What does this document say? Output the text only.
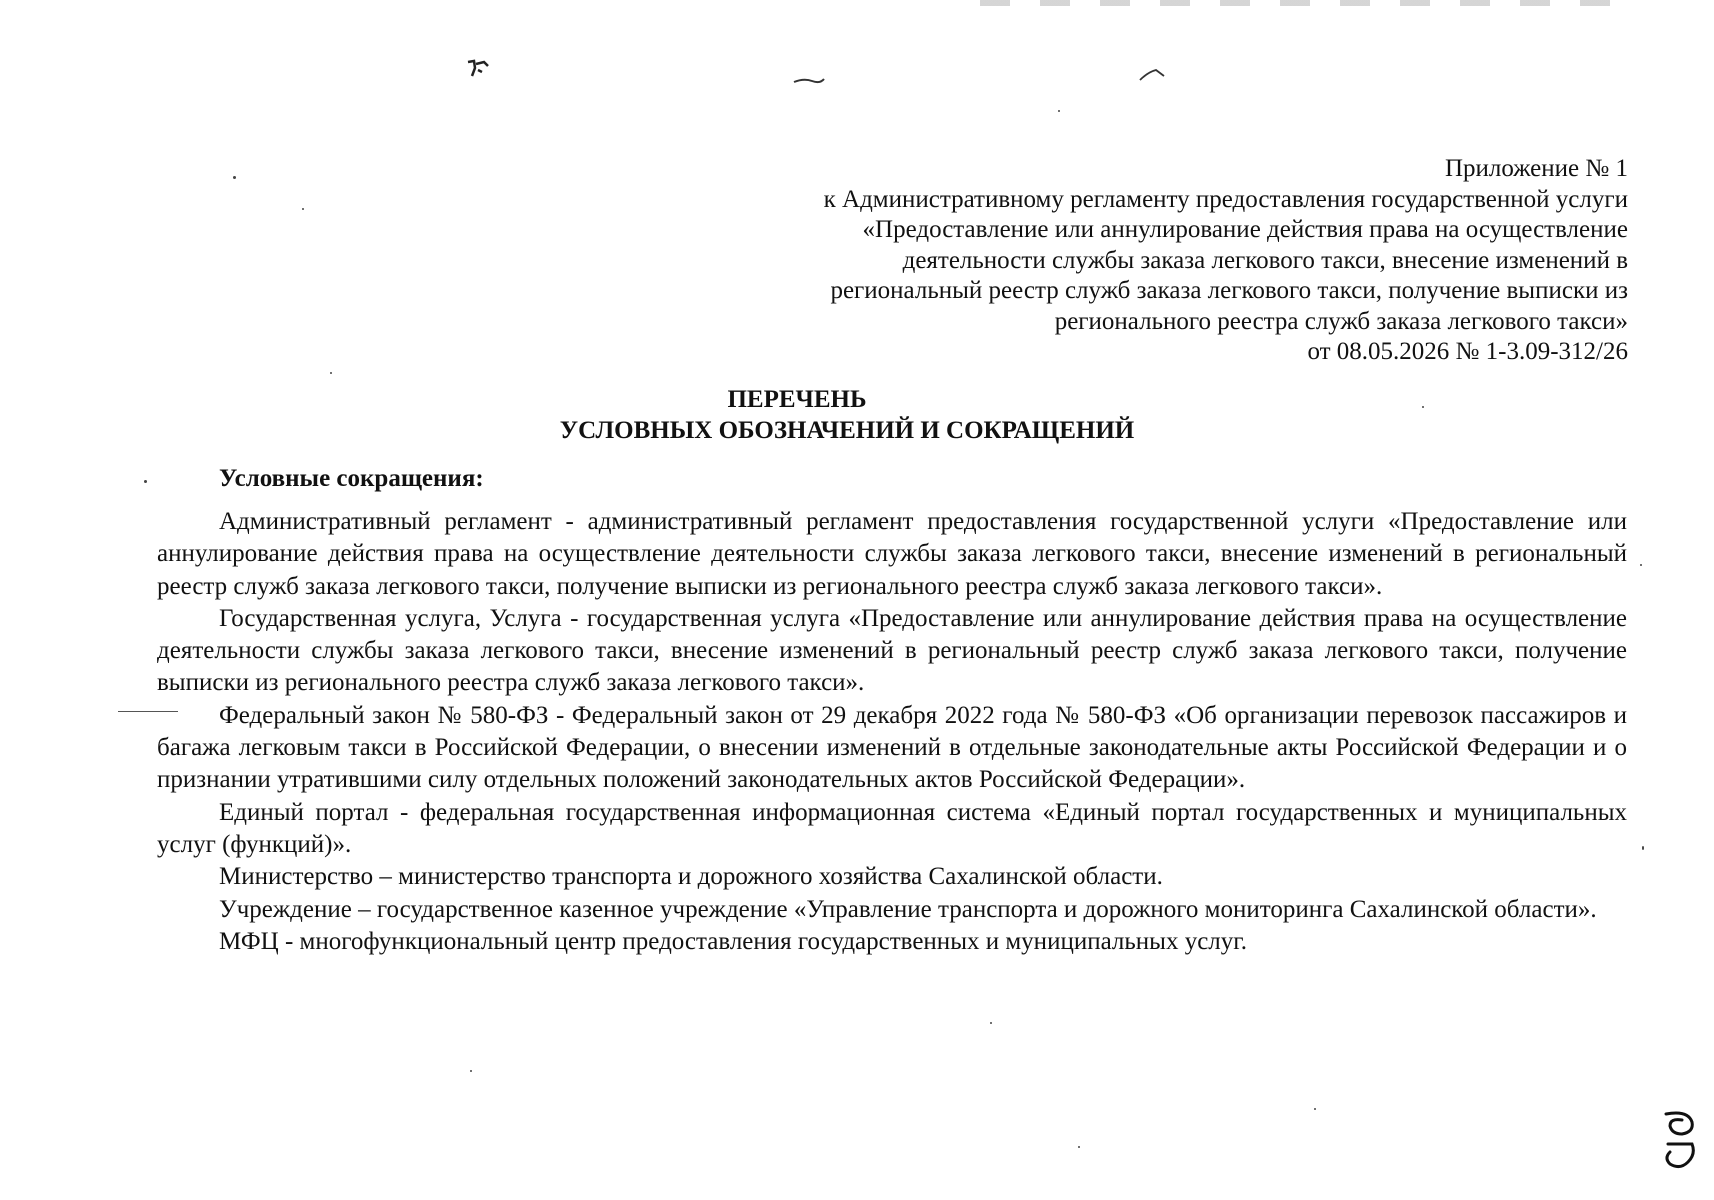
Приложение № 1
к Административному регламенту предоставления государственной услуги
«Предоставление или аннулирование действия права на осуществление
деятельности службы заказа легкового такси, внесение изменений в
региональный реестр служб заказа легкового такси, получение выписки из
регионального реестра служб заказа легкового такси»
от 08.05.2026 № 1-3.09-312/26
ПЕРЕЧЕНЬ
УСЛОВНЫХ ОБОЗНАЧЕНИЙ И СОКРАЩЕНИЙ
Условные сокращения:

Административный регламент - административный регламент предоставления государственной услуги «Предоставление или аннулирование действия права на осуществление деятельности службы заказа легкового такси, внесение изменений в региональный реестр служб заказа легкового такси, получение выписки из регионального реестра служб заказа легкового такси».

Государственная услуга, Услуга - государственная услуга «Предоставление или аннулирование действия права на осуществление деятельности службы заказа легкового такси, внесение изменений в региональный реестр служб заказа легкового такси, получение выписки из регионального реестра служб заказа легкового такси».

Федеральный закон № 580-ФЗ - Федеральный закон от 29 декабря 2022 года № 580-ФЗ «Об организации перевозок пассажиров и багажа легковым такси в Российской Федерации, о внесении изменений в отдельные законодательные акты Российской Федерации и о признании утратившими силу отдельных положений законодательных актов Российской Федерации».

Единый портал - федеральная государственная информационная система «Единый портал государственных и муниципальных услуг (функций)».

Министерство – министерство транспорта и дорожного хозяйства Сахалинской области.

Учреждение – государственное казенное учреждение «Управление транспорта и дорожного мониторинга Сахалинской области».

МФЦ - многофункциональный центр предоставления государственных и муниципальных услуг.
